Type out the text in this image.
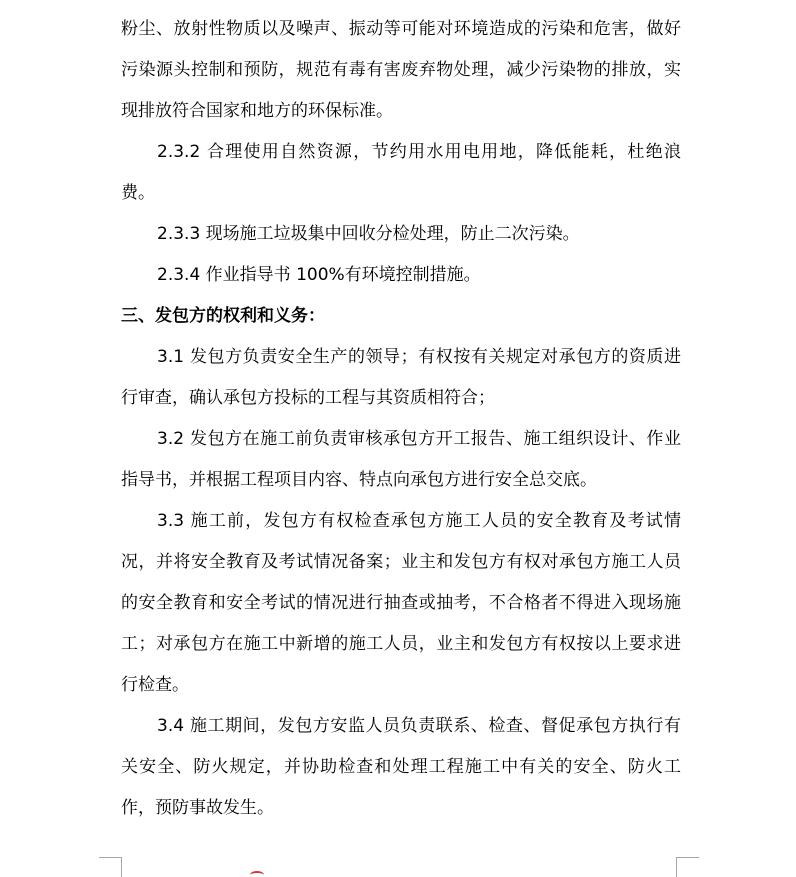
粉尘、放射性物质以及噪声、振动等可能对环境造成的污染和危害，做好污染源头控制和预防，规范有毒有害废弃物处理，减少污染物的排放，实现排放符合国家和地方的环保标准。

2.3.2 合理使用自然资源，节约用水用电用地，降低能耗，杜绝浪费。

2.3.3 现场施工垃圾集中回收分检处理，防止二次污染。

2.3.4 作业指导书 100%有环境控制措施。

三、发包方的权利和义务：

3.1 发包方负责安全生产的领导；有权按有关规定对承包方的资质进行审查，确认承包方投标的工程与其资质相符合；

3.2 发包方在施工前负责审核承包方开工报告、施工组织设计、作业指导书，并根据工程项目内容、特点向承包方进行安全总交底。

3.3 施工前，发包方有权检查承包方施工人员的安全教育及考试情况，并将安全教育及考试情况备案；业主和发包方有权对承包方施工人员的安全教育和安全考试的情况进行抽查或抽考，不合格者不得进入现场施工；对承包方在施工中新增的施工人员，业主和发包方有权按以上要求进行检查。

3.4 施工期间，发包方安监人员负责联系、检查、督促承包方执行有关安全、防火规定，并协助检查和处理工程施工中有关的安全、防火工作，预防事故发生。
